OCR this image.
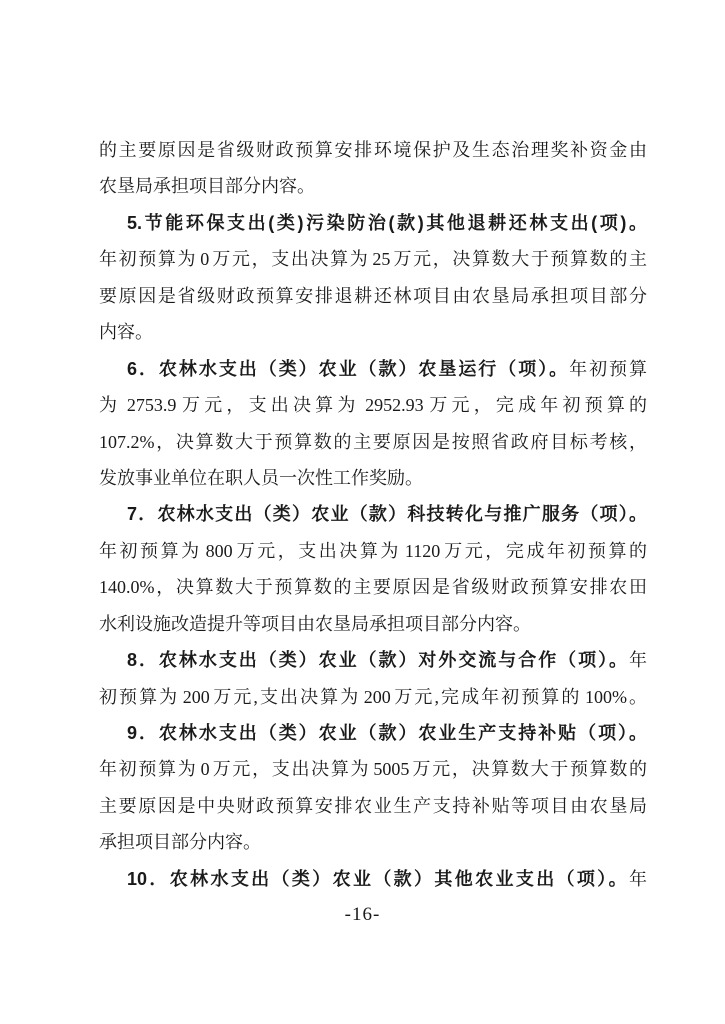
的主要原因是省级财政预算安排环境保护及生态治理奖补资金由
农垦局承担项目部分内容。
5.节能环保支出(类)污染防治(款)其他退耕还林支出(项)。
年初预算为 0 万元，支出决算为 25 万元，决算数大于预算数的主
要原因是省级财政预算安排退耕还林项目由农垦局承担项目部分
内容。
6．农林水支出（类）农业（款）农垦运行（项）。年初预算
为 2753.9 万元，支出决算为 2952.93 万元，完成年初预算的
107.2%，决算数大于预算数的主要原因是按照省政府目标考核，
发放事业单位在职人员一次性工作奖励。
7．农林水支出（类）农业（款）科技转化与推广服务（项）。
年初预算为 800 万元，支出决算为 1120 万元，完成年初预算的
140.0%，决算数大于预算数的主要原因是省级财政预算安排农田
水利设施改造提升等项目由农垦局承担项目部分内容。
8．农林水支出（类）农业（款）对外交流与合作（项）。年
初预算为 200 万元,支出决算为 200 万元,完成年初预算的 100%。
9．农林水支出（类）农业（款）农业生产支持补贴（项）。
年初预算为 0 万元，支出决算为 5005 万元，决算数大于预算数的
主要原因是中央财政预算安排农业生产支持补贴等项目由农垦局
承担项目部分内容。
10．农林水支出（类）农业（款）其他农业支出（项）。年
-16-
